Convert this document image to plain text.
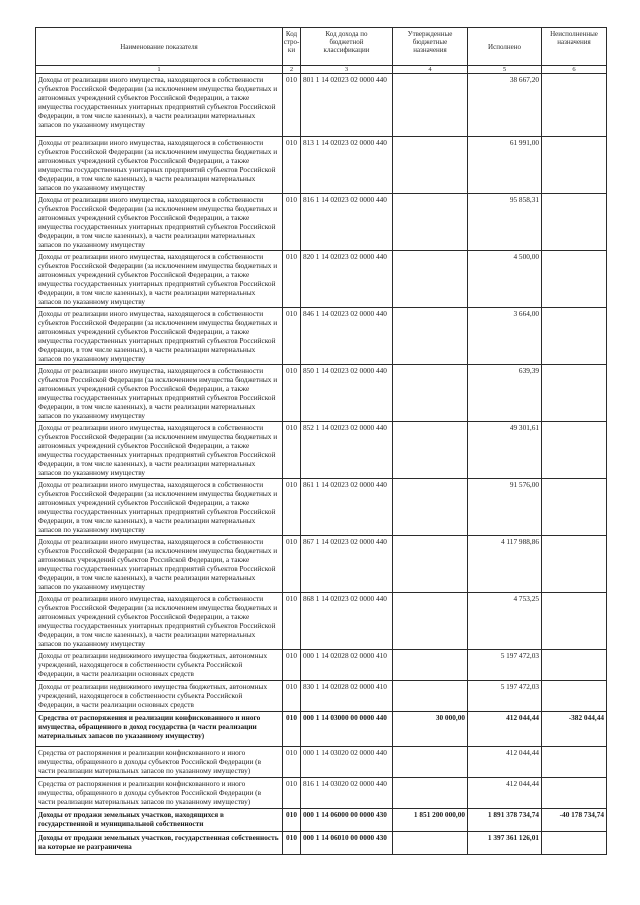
Наименование показателя	Код
стро-
ки	Код дохода по бюджетной классификации	Утвержденные бюджетные назначения	Исполнено	Неисполненные назначения
1	2	3	4	5	6
Доходы от реализации иного имущества, находящегося в собственности субъектов Российской Федерации (за исключением имущества бюджетных и автономных учреждений субъектов Российской Федерации, а также имущества государственных унитарных предприятий субъектов Российской Федерации, в том числе казенных), в части реализации материальных запасов по указанному имуществу	010	801 1 14 02023 02 0000 440		38 667,20	
Доходы от реализации иного имущества, находящегося в собственности субъектов Российской Федерации (за исключением имущества бюджетных и автономных учреждений субъектов Российской Федерации, а также имущества государственных унитарных предприятий субъектов Российской Федерации, в том числе казенных), в части реализации материальных запасов по указанному имуществу	010	813 1 14 02023 02 0000 440		61 991,00	
Доходы от реализации иного имущества, находящегося в собственности субъектов Российской Федерации (за исключением имущества бюджетных и автономных учреждений субъектов Российской Федерации, а также имущества государственных унитарных предприятий субъектов Российской Федерации, в том числе казенных), в части реализации материальных запасов по указанному имуществу	010	816 1 14 02023 02 0000 440		95 858,31	
Доходы от реализации иного имущества, находящегося в собственности субъектов Российской Федерации (за исключением имущества бюджетных и автономных учреждений субъектов Российской Федерации, а также имущества государственных унитарных предприятий субъектов Российской Федерации, в том числе казенных), в части реализации материальных запасов по указанному имуществу	010	820 1 14 02023 02 0000 440		4 500,00	
Доходы от реализации иного имущества, находящегося в собственности субъектов Российской Федерации (за исключением имущества бюджетных и автономных учреждений субъектов Российской Федерации, а также имущества государственных унитарных предприятий субъектов Российской Федерации, в том числе казенных), в части реализации материальных запасов по указанному имуществу	010	846 1 14 02023 02 0000 440		3 664,00	
Доходы от реализации иного имущества, находящегося в собственности субъектов Российской Федерации (за исключением имущества бюджетных и автономных учреждений субъектов Российской Федерации, а также имущества государственных унитарных предприятий субъектов Российской Федерации, в том числе казенных), в части реализации материальных запасов по указанному имуществу	010	850 1 14 02023 02 0000 440		639,39	
Доходы от реализации иного имущества, находящегося в собственности субъектов Российской Федерации (за исключением имущества бюджетных и автономных учреждений субъектов Российской Федерации, а также имущества государственных унитарных предприятий субъектов Российской Федерации, в том числе казенных), в части реализации материальных запасов по указанному имуществу	010	852 1 14 02023 02 0000 440		49 301,61	
Доходы от реализации иного имущества, находящегося в собственности субъектов Российской Федерации (за исключением имущества бюджетных и автономных учреждений субъектов Российской Федерации, а также имущества государственных унитарных предприятий субъектов Российской Федерации, в том числе казенных), в части реализации материальных запасов по указанному имуществу	010	861 1 14 02023 02 0000 440		91 576,00	
Доходы от реализации иного имущества, находящегося в собственности субъектов Российской Федерации (за исключением имущества бюджетных и автономных учреждений субъектов Российской Федерации, а также имущества государственных унитарных предприятий субъектов Российской Федерации, в том числе казенных), в части реализации материальных запасов по указанному имуществу	010	867 1 14 02023 02 0000 440		4 117 988,86	
Доходы от реализации иного имущества, находящегося в собственности субъектов Российской Федерации (за исключением имущества бюджетных и автономных учреждений субъектов Российской Федерации, а также имущества государственных унитарных предприятий субъектов Российской Федерации, в том числе казенных), в части реализации материальных запасов по указанному имуществу	010	868 1 14 02023 02 0000 440		4 753,25	
Доходы от реализации недвижимого имущества бюджетных, автономных учреждений, находящегося в собственности субъекта Российской Федерации, в части реализации основных средств	010	000 1 14 02028 02 0000 410		5 197 472,03	
Доходы от реализации недвижимого имущества бюджетных, автономных учреждений, находящегося в собственности субъекта Российской Федерации, в части реализации основных средств	010	830 1 14 02028 02 0000 410		5 197 472,03	
Средства от распоряжения и реализации конфискованного и иного имущества, обращенного в доход государства (в части реализации материальных запасов по указанному имуществу)	010	000 1 14 03000 00 0000 440	30 000,00	412 044,44	-382 044,44
Средства от распоряжения и реализации конфискованного и иного имущества, обращенного в доходы субъектов Российской Федерации (в части реализации материальных запасов по указанному имуществу)	010	000 1 14 03020 02 0000 440		412 044,44	
Средства от распоряжения и реализации конфискованного и иного имущества, обращенного в доходы субъектов Российской Федерации (в части реализации материальных запасов по указанному имуществу)	010	816 1 14 03020 02 0000 440		412 044,44	
Доходы от продажи земельных участков, находящихся в государственной и муниципальной собственности	010	000 1 14 06000 00 0000 430	1 851 200 000,00	1 891 378 734,74	-40 178 734,74
Доходы от продажи земельных участков, государственная собственность на которые не разграничена	010	000 1 14 06010 00 0000 430		1 397 361 126,01	
